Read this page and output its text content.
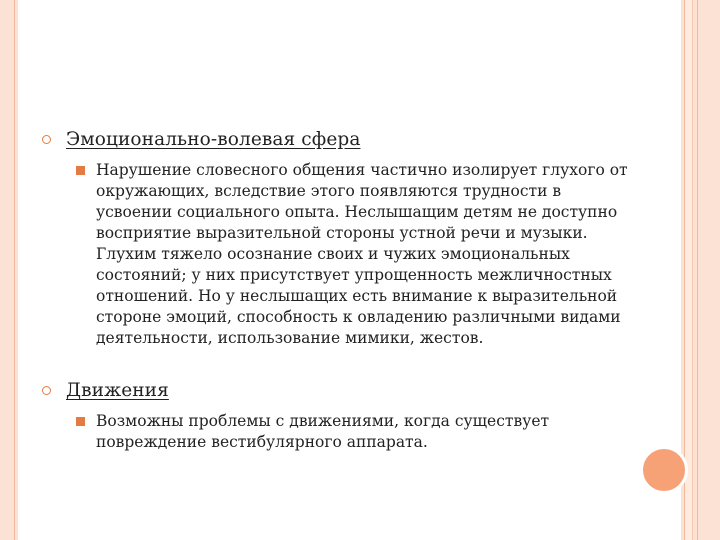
Эмоционально-волевая сфера
Нарушение словесного общения частично изолирует глухого от окружающих, вследствие этого появляются трудности в усвоении социального опыта. Неслышащим детям не доступно восприятие выразительной стороны устной речи и музыки. Глухим тяжело осознание своих и чужих эмоциональных состояний; у них присутствует упрощенность межличностных отношений. Но у неслышащих есть внимание к выразительной стороне эмоций, способность к овладению различными видами деятельности, использование мимики, жестов.
Движения
Возможны проблемы с движениями, когда существует повреждение вестибулярного аппарата.
